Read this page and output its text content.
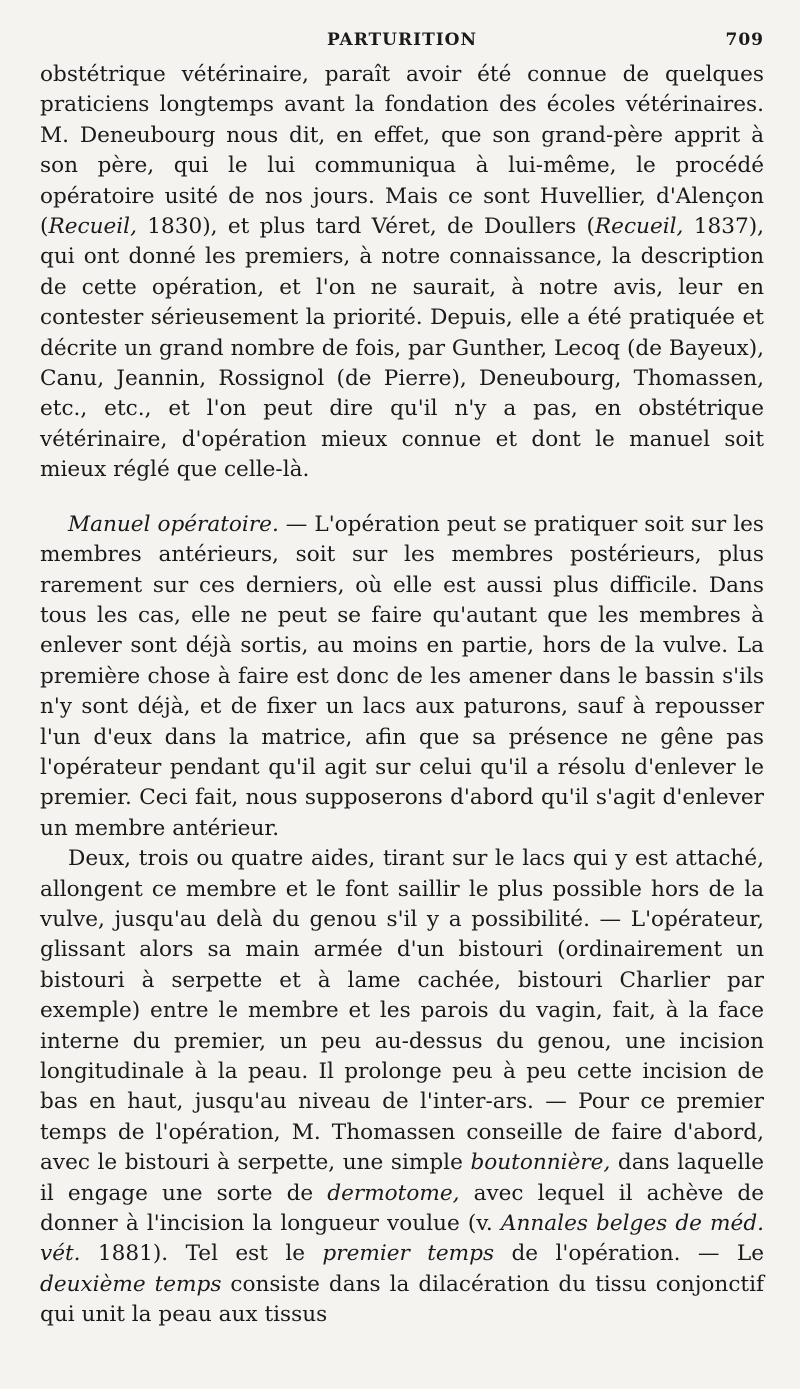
PARTURITION	709

obstétrique vétérinaire, paraît avoir été connue de quelques praticiens longtemps avant la fondation des écoles vétérinaires. M. Deneubourg nous dit, en effet, que son grand-père apprit à son père, qui le lui communiqua à lui-même, le procédé opératoire usité de nos jours. Mais ce sont Huvellier, d'Alençon (Recueil, 1830), et plus tard Véret, de Doullers (Recueil, 1837), qui ont donné les premiers, à notre connaissance, la description de cette opération, et l'on ne saurait, à notre avis, leur en contester sérieusement la priorité. Depuis, elle a été pratiquée et décrite un grand nombre de fois, par Gunther, Lecoq (de Bayeux), Canu, Jeannin, Rossignol (de Pierre), Deneubourg, Thomassen, etc., etc., et l'on peut dire qu'il n'y a pas, en obstétrique vétérinaire, d'opération mieux connue et dont le manuel soit mieux réglé que celle-là.

Manuel opératoire. — L'opération peut se pratiquer soit sur les membres antérieurs, soit sur les membres postérieurs, plus rarement sur ces derniers, où elle est aussi plus difficile. Dans tous les cas, elle ne peut se faire qu'autant que les membres à enlever sont déjà sortis, au moins en partie, hors de la vulve. La première chose à faire est donc de les amener dans le bassin s'ils n'y sont déjà, et de fixer un lacs aux paturons, sauf à repousser l'un d'eux dans la matrice, afin que sa présence ne gêne pas l'opérateur pendant qu'il agit sur celui qu'il a résolu d'enlever le premier. Ceci fait, nous supposerons d'abord qu'il s'agit d'enlever un membre antérieur.

Deux, trois ou quatre aides, tirant sur le lacs qui y est attaché, allongent ce membre et le font saillir le plus possible hors de la vulve, jusqu'au delà du genou s'il y a possibilité. — L'opérateur, glissant alors sa main armée d'un bistouri (ordinairement un bistouri à serpette et à lame cachée, bistouri Charlier par exemple) entre le membre et les parois du vagin, fait, à la face interne du premier, un peu au-dessus du genou, une incision longitudinale à la peau. Il prolonge peu à peu cette incision de bas en haut, jusqu'au niveau de l'inter-ars. — Pour ce premier temps de l'opération, M. Thomassen conseille de faire d'abord, avec le bistouri à serpette, une simple boutonnière, dans laquelle il engage une sorte de dermotome, avec lequel il achève de donner à l'incision la longueur voulue (v. Annales belges de méd. vét. 1881). Tel est le premier temps de l'opération. — Le deuxième temps consiste dans la dilacération du tissu conjonctif qui unit la peau aux tissus
